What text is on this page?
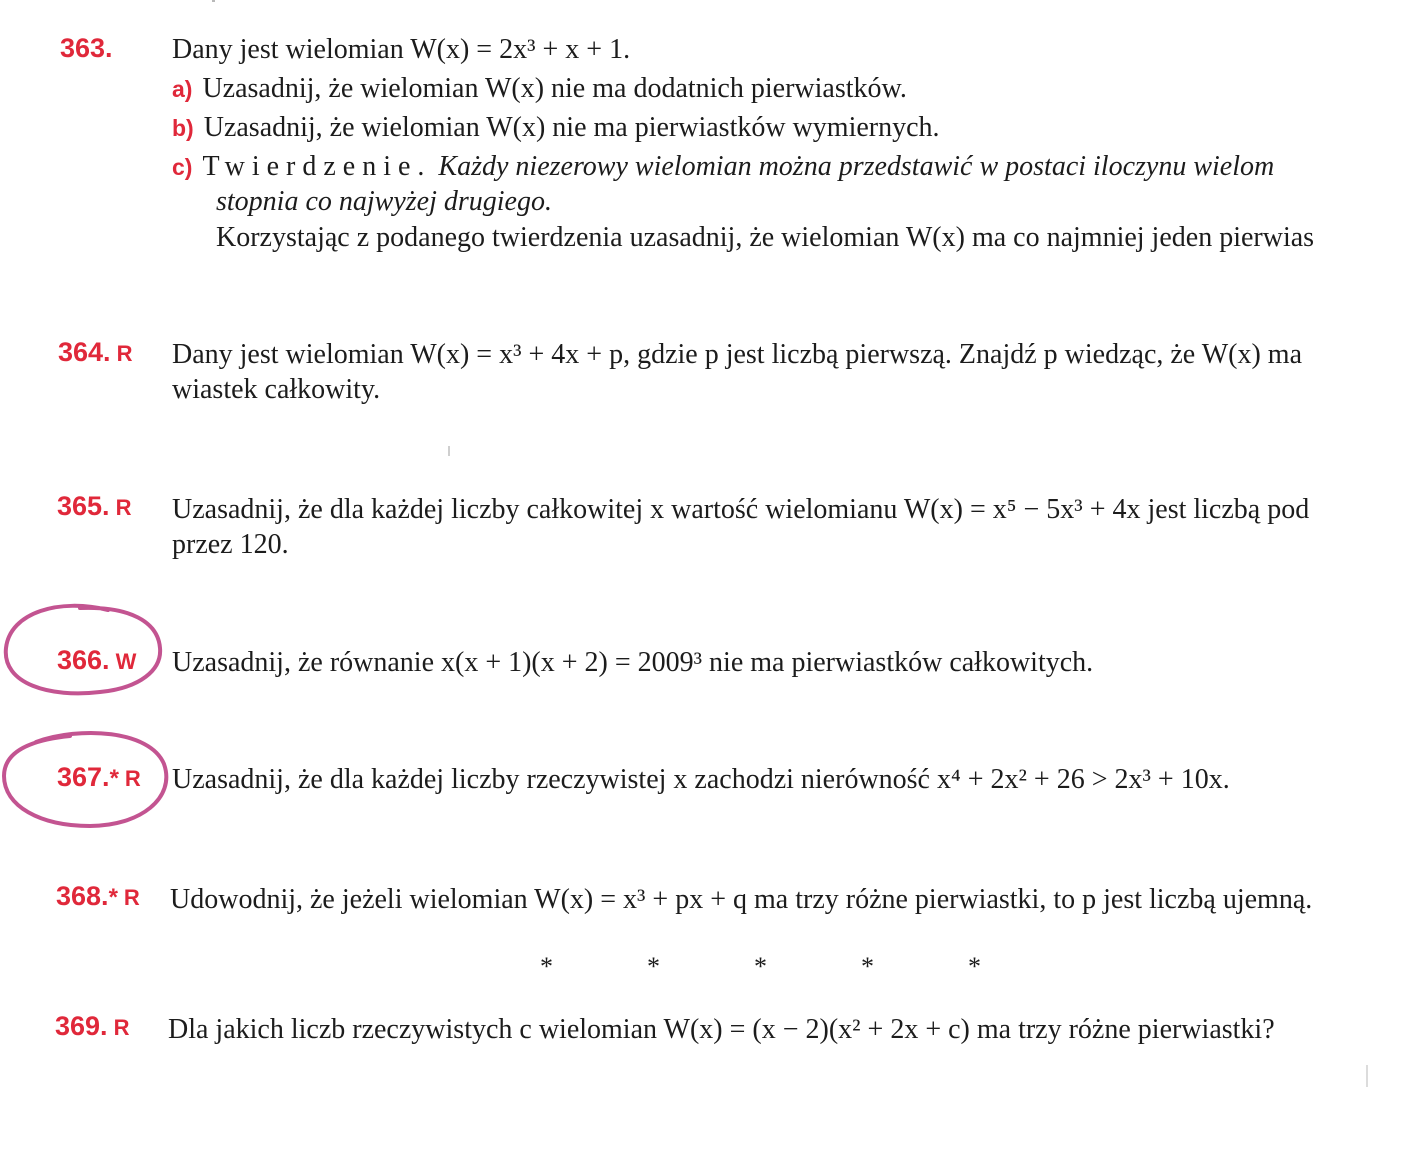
363. Dany jest wielomian W(x) = 2x³ + x + 1.
a) Uzasadnij, że wielomian W(x) nie ma dodatnich pierwiastków.
b) Uzasadnij, że wielomian W(x) nie ma pierwiastków wymiernych.
c) Twierdzenie. Każdy niezerowy wielomian można przedstawić w postaci iloczynu wielom
stopnia co najwyżej drugiego.
Korzystając z podanego twierdzenia uzasadnij, że wielomian W(x) ma co najmniej jeden pierwias
364. R Dany jest wielomian W(x) = x³ + 4x + p, gdzie p jest liczbą pierwszą. Znajdź p wiedząc, że W(x) ma
wiastek całkowity.
365. R Uzasadnij, że dla każdej liczby całkowitej x wartość wielomianu W(x) = x⁵ − 5x³ + 4x jest liczbą pod
przez 120.
366. W Uzasadnij, że równanie x(x + 1)(x + 2) = 2009³ nie ma pierwiastków całkowitych.
367.* R Uzasadnij, że dla każdej liczby rzeczywistej x zachodzi nierówność x⁴ + 2x² + 26 > 2x³ + 10x.
368.* R Udowodnij, że jeżeli wielomian W(x) = x³ + px + q ma trzy różne pierwiastki, to p jest liczbą ujemną.
*	*	*	*	*
369. R Dla jakich liczb rzeczywistych c wielomian W(x) = (x − 2)(x² + 2x + c) ma trzy różne pierwiastki?
